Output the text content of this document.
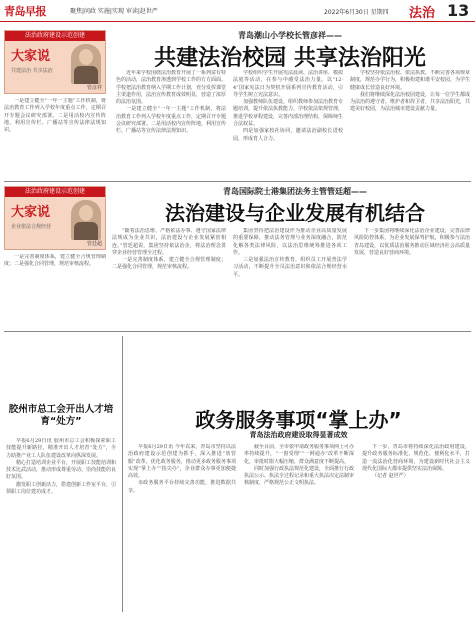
青岛早报	聚焦|问政 实施|实现 审读|赵世严	2022年6月30日 星期四 法治 13
青岛潮山小学校长管彦祥——
共建法治校园 共享法治阳光
法治政府建设示范创建
大家说
共建法治 共享法治
管彦祥

近年来学校围绕法治教育开展了一系列富有特色的活动，法治教育渗透到学校工作的方方面面。学校把法治教育纳入学期工作计划，充分发挥课堂主渠道作用，法治宣传教育成效明显，营造了浓厚的法治氛围。

一是建立健全“一年一主题”工作机制，将法治教育工作列入学校年度重点工作，定期召开专题会议研究部署。二是用活校内宣传阵地，利用宣传栏、广播站等宣传法律法规知识。

学校组织学生开展宪法晨读、法治讲座、模拟法庭等活动，在参与中感受法治力量。以“12·4”国家宪法日为契机开展系列宣传教育活动，引导学生树立宪法意识。

加强教师队伍建设，组织教师参加法治教育专题培训，提升依法执教能力。学校依法依规管理，推进学校章程建设，完善内部治理结构，保障师生合法权益。

四是加强家校社协同，邀请法治副校长进校园，形成育人合力。

学校坚持依法治校、依法执教，不断完善各项规章制度，规范办学行为，积极构建和谐平安校园，为学生健康成长营造良好环境。

我们将继续深化法治校园建设，让每一位学生都成为法治的遵守者、维护者和捍卫者，共享法治阳光，共建美好校园，为法治城市建设贡献力量。

一是建立健全“一年一主题”工作机制，将法治教育工作列入学校年度重点工作，定期召开专题会议研究部署。二是用活校内宣传阵地，利用宣传栏、广播站等宣传法律法规知识。

青岛国际院士港集团法务主管管廷超——
法治建设与企业发展有机结合
法治政府建设示范创建
大家说
企业依法合规经营
管廷超

“随着法治思维、严格依法办事、遵守国家法律法规成为企业共识，法治建设与企业发展紧密相连。”管廷超说，集团坚持依法治企，将法治理念贯穿企业经营管理全过程。

一是完善制度体系，建立健全合规管理制度；二是强化合同管理，规范审核流程。

集团坚持把法治建设作为推动企业高质量发展的重要保障，推动法务管理与业务深度融合，防范化解各类法律风险，以法治思维统筹推进各项工作。

三是加强法治宣传教育，组织员工开展普法学习活动，不断提升全员法治意识和依法合规经营水平。

下一步集团将继续深化法治企业建设，完善法律风险防控体系，为企业发展保驾护航，积极参与法治青岛建设，以优质法治服务推动区域经济社会高质量发展，营造良好营商环境。

一是完善制度体系，建立健全合规管理制度；二是强化合同管理，规范审核流程。

胶州市总工会开出人才培育“处方”

早报6月29日讯 胶州市总工会积极探索职工技能提升新路径，精准开出人才培育“处方”，全力助推产业工人队伍建设改革向纵深发展。

精心打造培训企业平台，开展职工技能培训和技术比武活动，推动形成尊重劳动、崇尚技能的良好氛围。

激发职工创新活力，搭建创新工作室平台，引领职工岗位建功成才。

政务服务事项“掌上办”
青岛法治政府建设取得显著成效

早报6月29日讯 今年以来，青岛市坚持以法治政府建设示范创建为抓手，深入推进“放管服”改革，优化政务服务，推动更多政务服务事项实现“掌上办”“指尖办”，企业群众办事更加便捷高效。

市政务服务平台持续完善功能，推进数据共享。

截至目前，全市依申请政务服务事项网上可办率持续提升，“一窗受理”“一网通办”改革不断深化，审批时限大幅压缩，群众满意度不断提高。

同时加强行政执法规范化建设，全面推行行政执法公示、执法全过程记录和重大执法决定法制审核制度，严格规范公正文明执法。

下一步，青岛市将持续深化法治政府建设，提升政务服务标准化、规范化、便利化水平，打造一流法治化营商环境，为建设新时代社会主义现代化国际大都市提供坚实法治保障。

（记者 赵世严）
